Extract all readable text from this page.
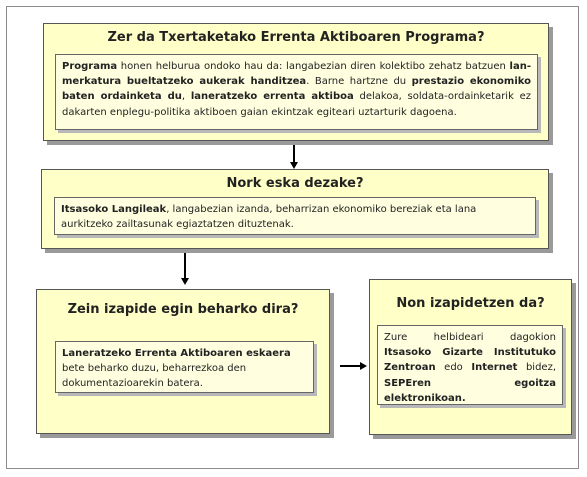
Zer da Txertaketako Errenta Aktiboaren Programa?
Programa honen helburua ondoko hau da: langabezian diren kolektibo zehatz batzuen lan-merkatura bueltatzeko aukerak handitzea. Barne hartzne du prestazio ekonomiko baten ordainketa du, laneratzeko errenta aktiboa delakoa, soldata-ordainketarik ez dakarten enplegu-politika aktiboen gaian ekintzak egiteari uztarturik dagoena.
Nork eska dezake?
Itsasoko Langileak, langabezian izanda, beharrizan ekonomiko bereziak eta lana aurkitzeko zailtasunak egiaztatzen dituztenak.
Zein izapide egin beharko dira?
Laneratzeko Errenta Aktiboaren eskaera bete beharko duzu, beharrezkoa den dokumentazioarekin batera.
Non izapidetzen da?
Zure helbideari dagokion Itsasoko Gizarte Institutuko Zentroan edo Internet bidez, SEPEren egoitza elektronikoan.
